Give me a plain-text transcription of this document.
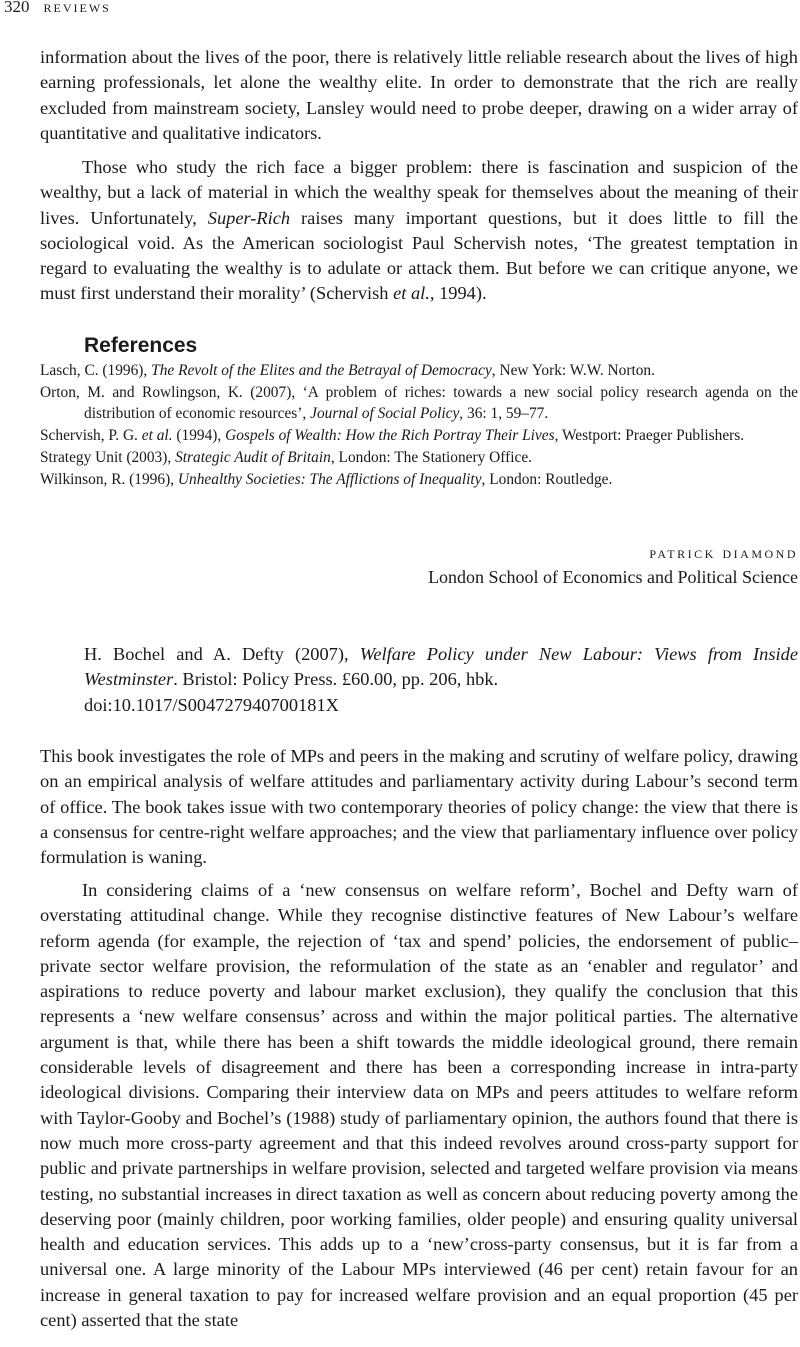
320 reviews

information about the lives of the poor, there is relatively little reliable research about the lives of high earning professionals, let alone the wealthy elite. In order to demonstrate that the rich are really excluded from mainstream society, Lansley would need to probe deeper, drawing on a wider array of quantitative and qualitative indicators.

Those who study the rich face a bigger problem: there is fascination and suspicion of the wealthy, but a lack of material in which the wealthy speak for themselves about the meaning of their lives. Unfortunately, Super-Rich raises many important questions, but it does little to fill the sociological void. As the American sociologist Paul Schervish notes, ‘The greatest temptation in regard to evaluating the wealthy is to adulate or attack them. But before we can critique anyone, we must first understand their morality’ (Schervish et al., 1994).

References

Lasch, C. (1996), The Revolt of the Elites and the Betrayal of Democracy, New York: W.W. Norton.

Orton, M. and Rowlingson, K. (2007), ‘A problem of riches: towards a new social policy research agenda on the distribution of economic resources’, Journal of Social Policy, 36: 1, 59–77.

Schervish, P. G. et al. (1994), Gospels of Wealth: How the Rich Portray Their Lives, Westport: Praeger Publishers.

Strategy Unit (2003), Strategic Audit of Britain, London: The Stationery Office.

Wilkinson, R. (1996), Unhealthy Societies: The Afflictions of Inequality, London: Routledge.

patrick diamond
London School of Economics and Political Science
H. Bochel and A. Defty (2007), Welfare Policy under New Labour: Views from Inside
Westminster. Bristol: Policy Press. £60.00, pp. 206, hbk.
doi:10.1017/S004727940700181X

This book investigates the role of MPs and peers in the making and scrutiny of welfare policy, drawing on an empirical analysis of welfare attitudes and parliamentary activity during Labour’s second term of office. The book takes issue with two contemporary theories of policy change: the view that there is a consensus for centre-right welfare approaches; and the view that parliamentary influence over policy formulation is waning.

In considering claims of a ‘new consensus on welfare reform’, Bochel and Defty warn of overstating attitudinal change. While they recognise distinctive features of New Labour’s welfare reform agenda (for example, the rejection of ‘tax and spend’ policies, the endorsement of public–private sector welfare provision, the reformulation of the state as an ‘enabler and regulator’ and aspirations to reduce poverty and labour market exclusion), they qualify the conclusion that this represents a ‘new welfare consensus’ across and within the major political parties. The alternative argument is that, while there has been a shift towards the middle ideological ground, there remain considerable levels of disagreement and there has been a corresponding increase in intra-party ideological divisions. Comparing their interview data on MPs and peers attitudes to welfare reform with Taylor-Gooby and Bochel’s (1988) study of parliamentary opinion, the authors found that there is now much more cross-party agreement and that this indeed revolves around cross-party support for public and private partnerships in welfare provision, selected and targeted welfare provision via means testing, no substantial increases in direct taxation as well as concern about reducing poverty among the deserving poor (mainly children, poor working families, older people) and ensuring quality universal health and education services. This adds up to a ‘new’cross-party consensus, but it is far from a universal one. A large minority of the Labour MPs interviewed (46 per cent) retain favour for an increase in general taxation to pay for increased welfare provision and an equal proportion (45 per cent) asserted that the state
